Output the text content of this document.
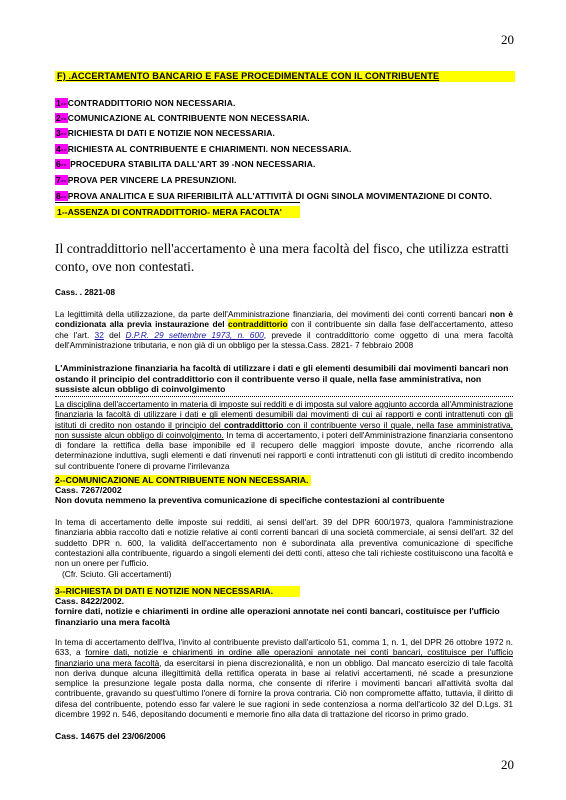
20
20
F) .ACCERTAMENTO BANCARIO E FASE PROCEDIMENTALE CON IL CONTRIBUENTE
1--CONTRADDITTORIO NON NECESSARIA.
2--COMUNICAZIONE AL CONTRIBUENTE NON NECESSARIA.
3--RICHIESTA DI DATI E NOTIZIE NON NECESSARIA.
4--RICHIESTA AL CONTRIBUENTE E CHIARIMENTI. NON NECESSARIA.
6-- PROCEDURA STABILITA DALL'ART 39 -NON NECESSARIA.
7--PROVA PER VINCERE LA PRESUNZIONI.
8--PROVA ANALITICA E SUA RIFERIBILITÀ ALL'ATTIVITÀ DI OGNi SINOLA MOVIMENTAZIONE DI CONTO.
1--ASSENZA DI CONTRADDITTORIO- MERA FACOLTA'
Il contraddittorio nell'accertamento è una mera facoltà del fisco, che utilizza estratti conto, ove non contestati.
Cass. . 2821-08
La legittimità della utilizzazione, da parte dell'Amministrazione finanziaria, dei movimenti dei conti correnti bancari non è condizionata alla previa instaurazione del contraddittorio con il contribuente sin dalla fase dell'accertamento, atteso che l'art. 32 del D.P.R. 29 settembre 1973, n. 600, prevede il contraddittorio come oggetto di una mera facoltà dell'Amministrazione tributaria, e non già di un obbligo per la stessa.Cass. 2821- 7 febbraio 2008
L'Amministrazione finanziaria ha facoltà di utilizzare i dati e gli elementi desumibili dai movimenti bancari non ostando il principio del contraddittorio con il contribuente verso il quale, nella fase amministrativa, non sussiste alcun obbligo di coinvolgimento
La disciplina dell'accertamento in materia di imposte sui redditi e di imposta sul valore aggiunto accorda all'Amministrazione finanziaria la facoltà di utilizzare i dati e gli elementi desumibili dai movimenti di cui ai rapporti e conti intrattenuti con gli istituti di credito non ostando il principio del contraddittorio con il contribuente verso il quale, nella fase amministrativa, non sussiste alcun obbligo di coinvolgimento. In tema di accertamento, i poteri dell'Amministrazione finanziaria consentono di fondare la rettifica della base imponibile ed il recupero delle maggiori imposte dovute, anche ricorrendo alla determinazione induttiva, sugli elementi e dati rinvenuti nei rapporti e conti intrattenuti con gli istituti di credito incombendo sul contribuente l'onere di provarne l'irrilevanza
2--COMUNICAZIONE AL CONTRIBUENTE NON NECESSARIA.
Cass. 7267/2002
Non dovuta nemmeno la preventiva comunicazione di specifiche contestazioni al contribuente
In tema di accertamento delle imposte sui redditi, ai sensi dell'art. 39 del DPR 600/1973, qualora l'amministrazione finanziaria abbia raccolto dati e notizie relative ai conti correnti bancari di una società commerciale, ai sensi dell'art. 32 del suddetto DPR n. 600, la validità dell'accertamento non è subordinata alla preventiva comunicazione di specifiche contestazioni alla contribuente, riguardo a singoli elementi dei detti conti, atteso che tali richieste costituiscono una facoltà e non un onere per l'ufficio.
(Cfr. Sciuto. Gli accertamenti)
3--RICHIESTA DI DATI E NOTIZIE NON NECESSARIA.
Cass. 8422/2002.
fornire dati, notizie e chiarimenti in ordine alle operazioni annotate nei conti bancari, costituisce per l'ufficio finanziario una mera facoltà
In tema di accertamento dell'Iva, l'invito al contribuente previsto dall'articolo 51, comma 1, n. 1, del DPR 26 ottobre 1972 n. 633, a fornire dati, notizie e chiarimenti in ordine alle operazioni annotate nei conti bancari, costituisce per l'ufficio finanziario una mera facoltà, da esercitarsi in piena discrezionalità, e non un obbligo. Dal mancato esercizio di tale facoltà non deriva dunque alcuna illegittimità della rettifica operata in base ai relativi accertamenti, né scade a presunzione semplice la presunzione legale posta dalla norma, che consente di riferire i movimenti bancari all'attività svolta dal contribuente, gravando su quest'ultimo l'onere di fornire la prova contraria. Ciò non compromette affatto, tuttavia, il diritto di difesa del contribuente, potendo esso far valere le sue ragioni in sede contenziosa a norma dell'articolo 32 del D.Lgs. 31 dicembre 1992 n. 546, depositando documenti e memorie fino alla data di trattazione del ricorso in primo grado.
Cass. 14675 del 23/06/2006
